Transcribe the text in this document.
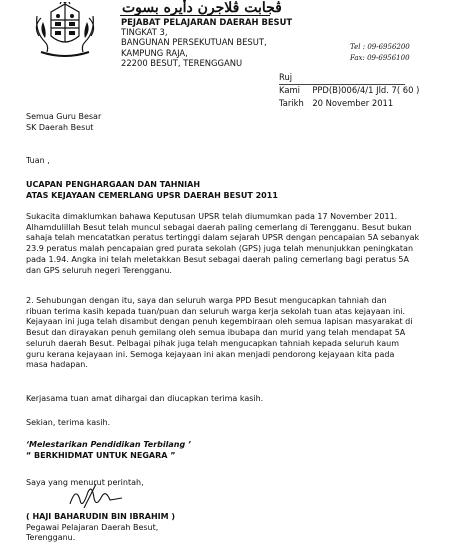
ڤجابت ڤلاجرن دأيره بسوت
PEJABAT PELAJARAN DAERAH BESUT
TINGKAT 3,
BANGUNAN PERSEKUTUAN BESUT,
KAMPUNG RAJA,
22200 BESUT, TERENGGANU
Tel : 09-6956200
Fax: 09-6956100
Ruj Kami PPD(B)006/4/1 Jld. 7( 60 )
Tarikh 20 November 2011
Semua Guru Besar
SK Daerah Besut
Tuan ,
UCAPAN PENGHARGAAN DAN TAHNIAH
ATAS KEJAYAAN CEMERLANG UPSR DAERAH BESUT 2011
Sukacita dimaklumkan bahawa Keputusan UPSR telah diumumkan pada 17 November 2011.
Alhamdulillah Besut telah muncul sebagai daerah paling cemerlang di Terengganu. Besut bukan
sahaja telah mencatatkan peratus tertinggi dalam sejarah UPSR dengan pencapaian 5A sebanyak
23.9 peratus malah pencapaian gred purata sekolah (GPS) juga telah menunjukkan peningkatan
pada 1.94. Angka ini telah meletakkan Besut sebagai daerah paling cemerlang bagi peratus 5A
dan GPS seluruh negeri Terengganu.
2. Sehubungan dengan itu, saya dan seluruh warga PPD Besut mengucapkan tahniah dan
ribuan terima kasih kepada tuan/puan dan seluruh warga kerja sekolah tuan atas kejayaan ini.
Kejayaan ini juga telah disambut dengan penuh kegembiraan oleh semua lapisan masyarakat di
Besut dan dirayakan penuh gemilang oleh semua ibubapa dan murid yang telah mendapat 5A
seluruh daerah Besut. Pelbagai pihak juga telah mengucapkan tahniah kepada seluruh kaum
guru kerana kejayaan ini. Semoga kejayaan ini akan menjadi pendorong kejayaan kita pada
masa hadapan.
Kerjasama tuan amat dihargai dan diucapkan terima kasih.
Sekian, terima kasih.
‘Melestarikan Pendidikan Terbilang ’
“ BERKHIDMAT UNTUK NEGARA ”
Saya yang menurut perintah,
( HAJI BAHARUDIN BIN IBRAHIM )
Pegawai Pelajaran Daerah Besut,
Terengganu.
